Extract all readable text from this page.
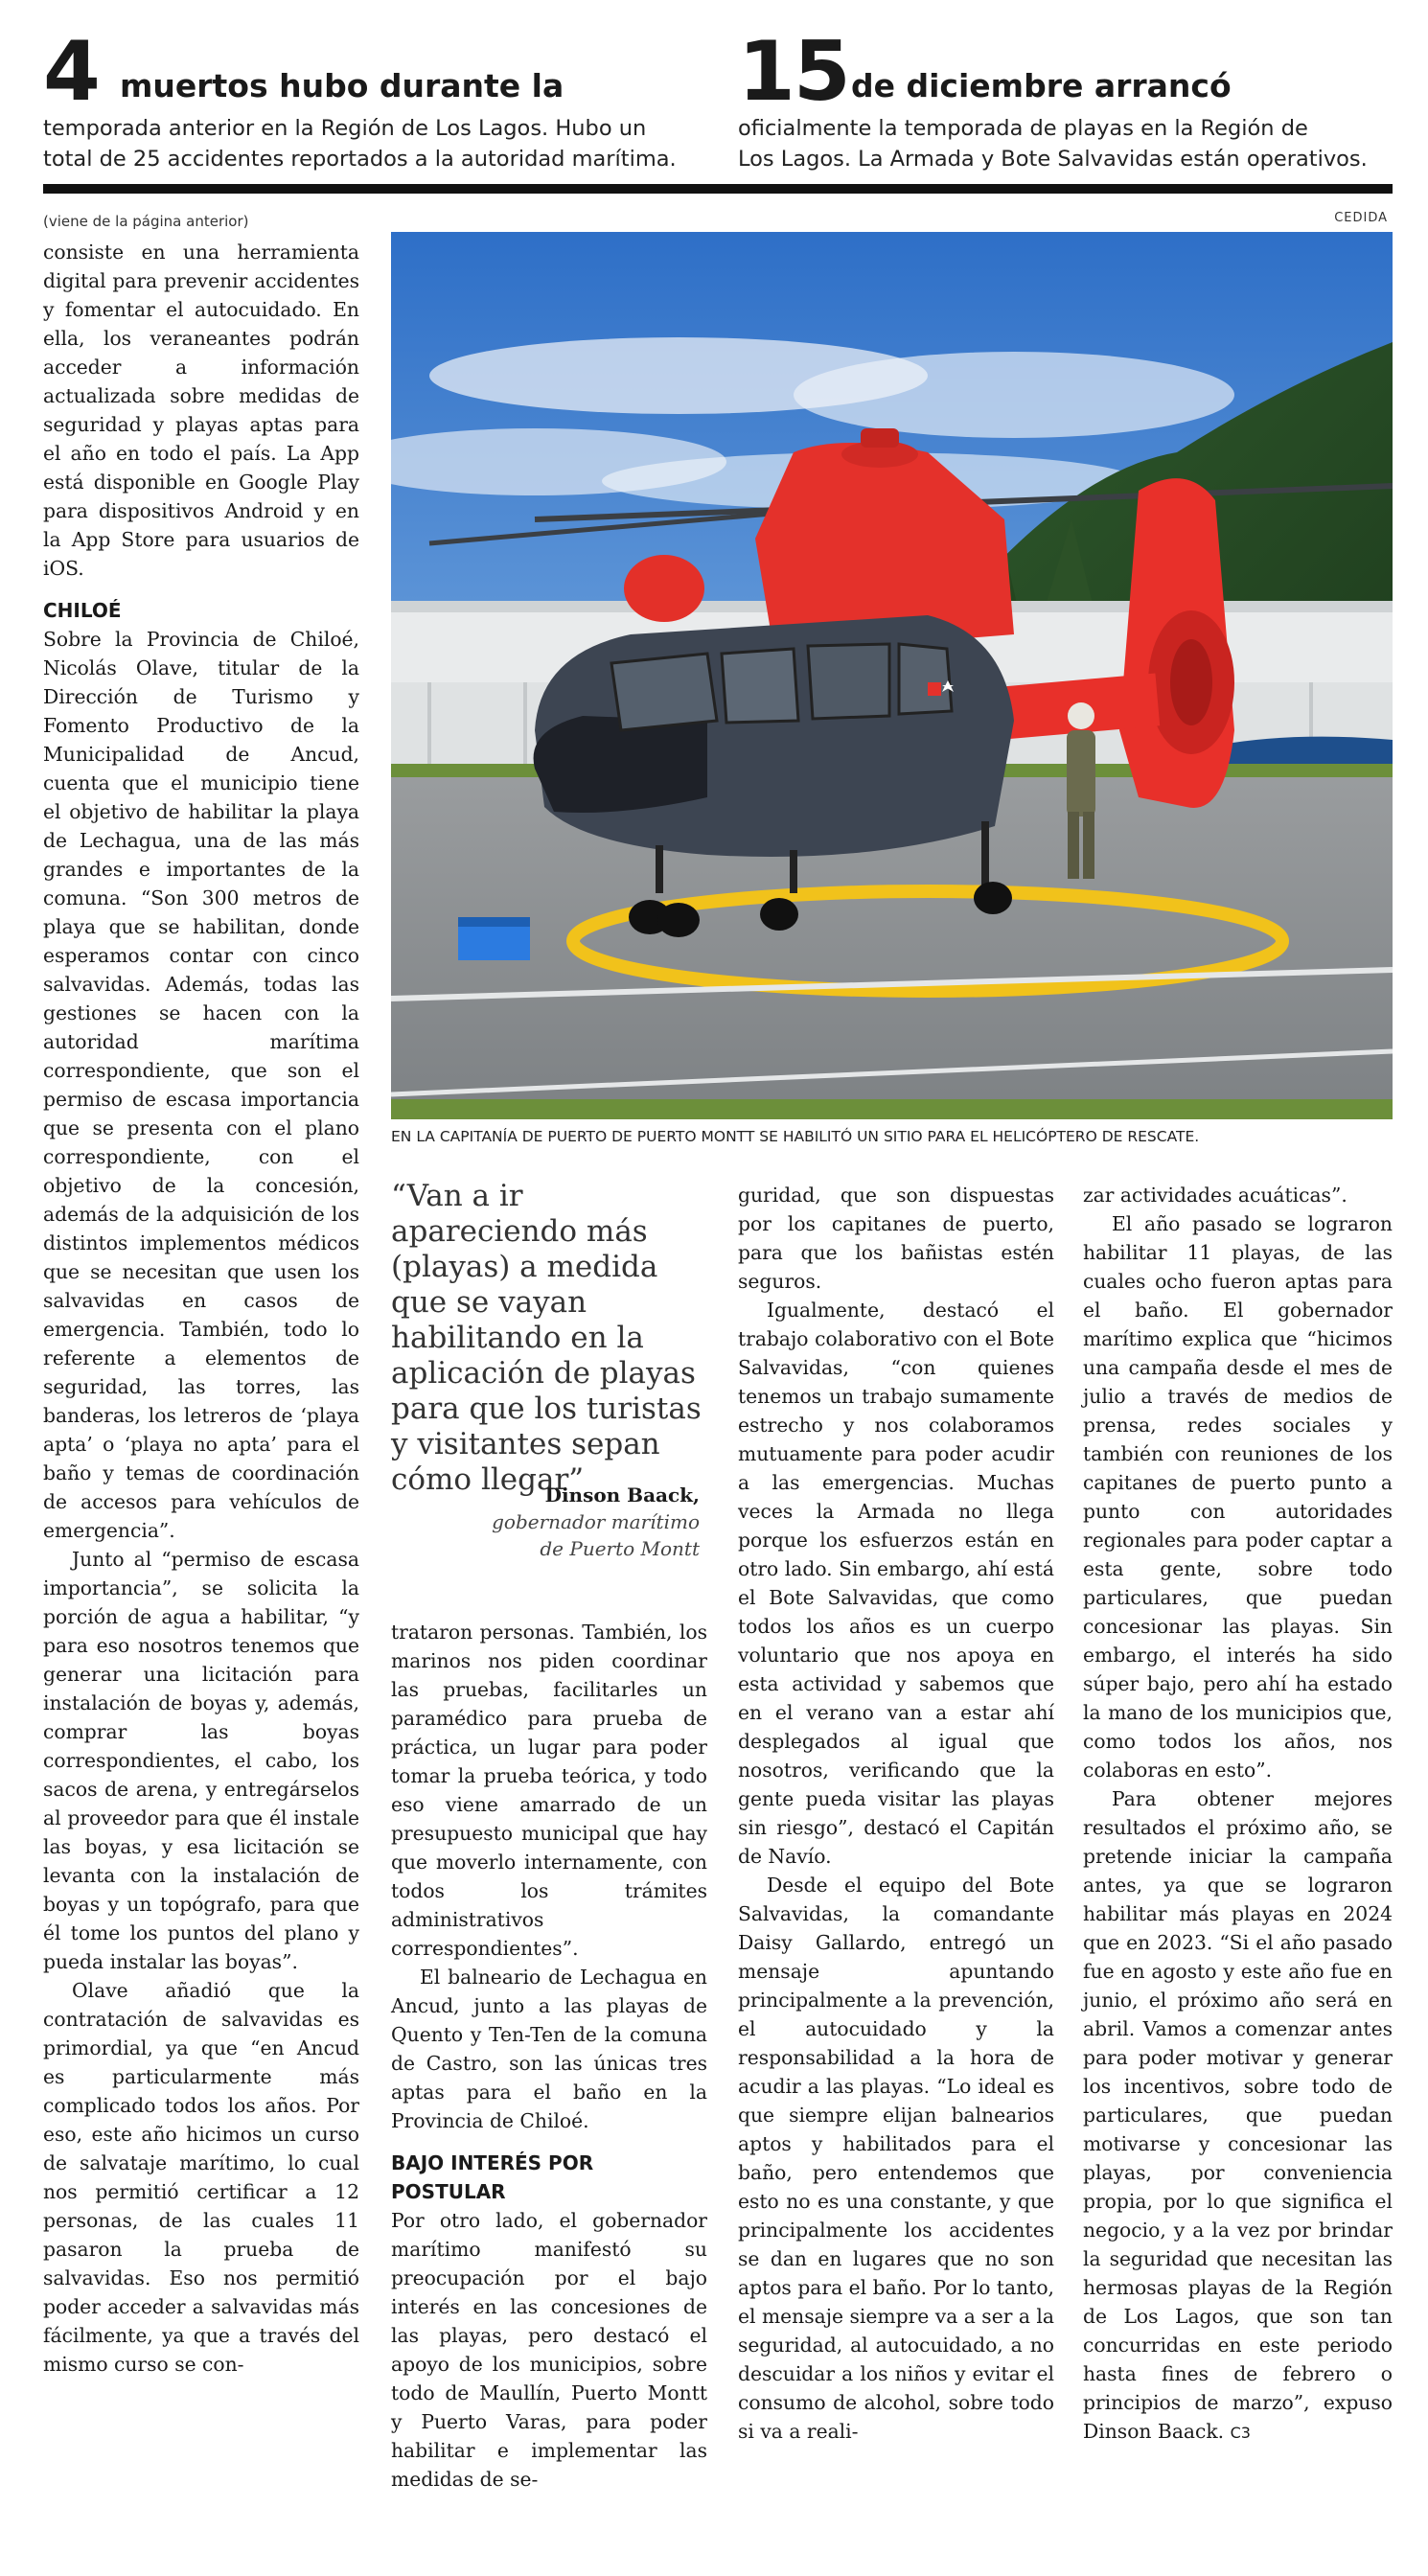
4 muertos hubo durante la
temporada anterior en la Región de Los Lagos. Hubo un
total de 25 accidentes reportados a la autoridad marítima.
15 de diciembre arrancó
oficialmente la temporada de playas en la Región de
Los Lagos. La Armada y Bote Salvavidas están operativos.
(viene de la página anterior)	CEDIDA
EN LA CAPITANÍA DE PUERTO DE PUERTO MONTT SE HABILITÓ UN SITIO PARA EL HELICÓPTERO DE RESCATE.

consiste en una herramienta digital para prevenir accidentes y fomentar el autocuidado. En ella, los veraneantes podrán acceder a información actualizada sobre medidas de seguridad y playas aptas para el año en todo el país. La App está disponible en Google Play para dispositivos Android y en la App Store para usuarios de iOS.

CHILOÉ

Sobre la Provincia de Chiloé, Nicolás Olave, titular de la Dirección de Turismo y Fomento Productivo de la Municipalidad de Ancud, cuenta que el municipio tiene el objetivo de habilitar la playa de Lechagua, una de las más grandes e importantes de la comuna. “Son 300 metros de playa que se habilitan, donde esperamos contar con cinco salvavidas. Además, todas las gestiones se hacen con la autoridad marítima correspondiente, que son el permiso de escasa importancia que se presenta con el plano correspondiente, con el objetivo de la concesión, además de la adquisición de los distintos implementos médicos que se necesitan que usen los salvavidas en casos de emergencia. También, todo lo referente a elementos de seguridad, las torres, las banderas, los letreros de ‘playa apta’ o ‘playa no apta’ para el baño y temas de coordinación de accesos para vehículos de emergencia”.

Junto al “permiso de escasa importancia”, se solicita la porción de agua a habilitar, “y para eso nosotros tenemos que generar una licitación para instalación de boyas y, además, comprar las boyas correspondientes, el cabo, los sacos de arena, y entregárselos al proveedor para que él instale las boyas, y esa licitación se levanta con la instalación de boyas y un topógrafo, para que él tome los puntos del plano y pueda instalar las boyas”.

Olave añadió que la contratación de salvavidas es primordial, ya que “en Ancud es particularmente más complicado todos los años. Por eso, este año hicimos un curso de salvataje marítimo, lo cual nos permitió certificar a 12 personas, de las cuales 11 pasaron la prueba de salvavidas. Eso nos permitió poder acceder a salvavidas más fácilmente, ya que a través del mismo curso se con-

“Van a ir apareciendo más (playas) a medida que se vayan habilitando en la aplicación de playas para que los turistas y visitantes sepan cómo llegar”
Dinson Baack,
gobernador marítimo
de Puerto Montt

trataron personas. También, los marinos nos piden coordinar las pruebas, facilitarles un paramédico para prueba de práctica, un lugar para poder tomar la prueba teórica, y todo eso viene amarrado de un presupuesto municipal que hay que moverlo internamente, con todos los trámites administrativos correspondientes”.

El balneario de Lechagua en Ancud, junto a las playas de Quento y Ten-Ten de la comuna de Castro, son las únicas tres aptas para el baño en la Provincia de Chiloé.

BAJO INTERÉS POR POSTULAR

Por otro lado, el gobernador marítimo manifestó su preocupación por el bajo interés en las concesiones de las playas, pero destacó el apoyo de los municipios, sobre todo de Maullín, Puerto Montt y Puerto Varas, para poder habilitar e implementar las medidas de se-

guridad, que son dispuestas por los capitanes de puerto, para que los bañistas estén seguros.

Igualmente, destacó el trabajo colaborativo con el Bote Salvavidas, “con quienes tenemos un trabajo sumamente estrecho y nos colaboramos mutuamente para poder acudir a las emergencias. Muchas veces la Armada no llega porque los esfuerzos están en otro lado. Sin embargo, ahí está el Bote Salvavidas, que como todos los años es un cuerpo voluntario que nos apoya en esta actividad y sabemos que en el verano van a estar ahí desplegados al igual que nosotros, verificando que la gente pueda visitar las playas sin riesgo”, destacó el Capitán de Navío.

Desde el equipo del Bote Salvavidas, la comandante Daisy Gallardo, entregó un mensaje apuntando principalmente a la prevención, el autocuidado y la responsabilidad a la hora de acudir a las playas. “Lo ideal es que siempre elijan balnearios aptos y habilitados para el baño, pero entendemos que esto no es una constante, y que principalmente los accidentes se dan en lugares que no son aptos para el baño. Por lo tanto, el mensaje siempre va a ser a la seguridad, al autocuidado, a no descuidar a los niños y evitar el consumo de alcohol, sobre todo si va a reali-

zar actividades acuáticas”.

El año pasado se lograron habilitar 11 playas, de las cuales ocho fueron aptas para el baño. El gobernador marítimo explica que “hicimos una campaña desde el mes de julio a través de medios de prensa, redes sociales y también con reuniones de los capitanes de puerto punto a punto con autoridades regionales para poder captar a esta gente, sobre todo particulares, que puedan concesionar las playas. Sin embargo, el interés ha sido súper bajo, pero ahí ha estado la mano de los municipios que, como todos los años, nos colaboras en esto”.

Para obtener mejores resultados el próximo año, se pretende iniciar la campaña antes, ya que se lograron habilitar más playas en 2024 que en 2023. “Si el año pasado fue en agosto y este año fue en junio, el próximo año será en abril. Vamos a comenzar antes para poder motivar y generar los incentivos, sobre todo de particulares, que puedan motivarse y concesionar las playas, por conveniencia propia, por lo que significa el negocio, y a la vez por brindar la seguridad que necesitan las hermosas playas de la Región de Los Lagos, que son tan concurridas en este periodo hasta fines de febrero o principios de marzo”, expuso Dinson Baack. C3
